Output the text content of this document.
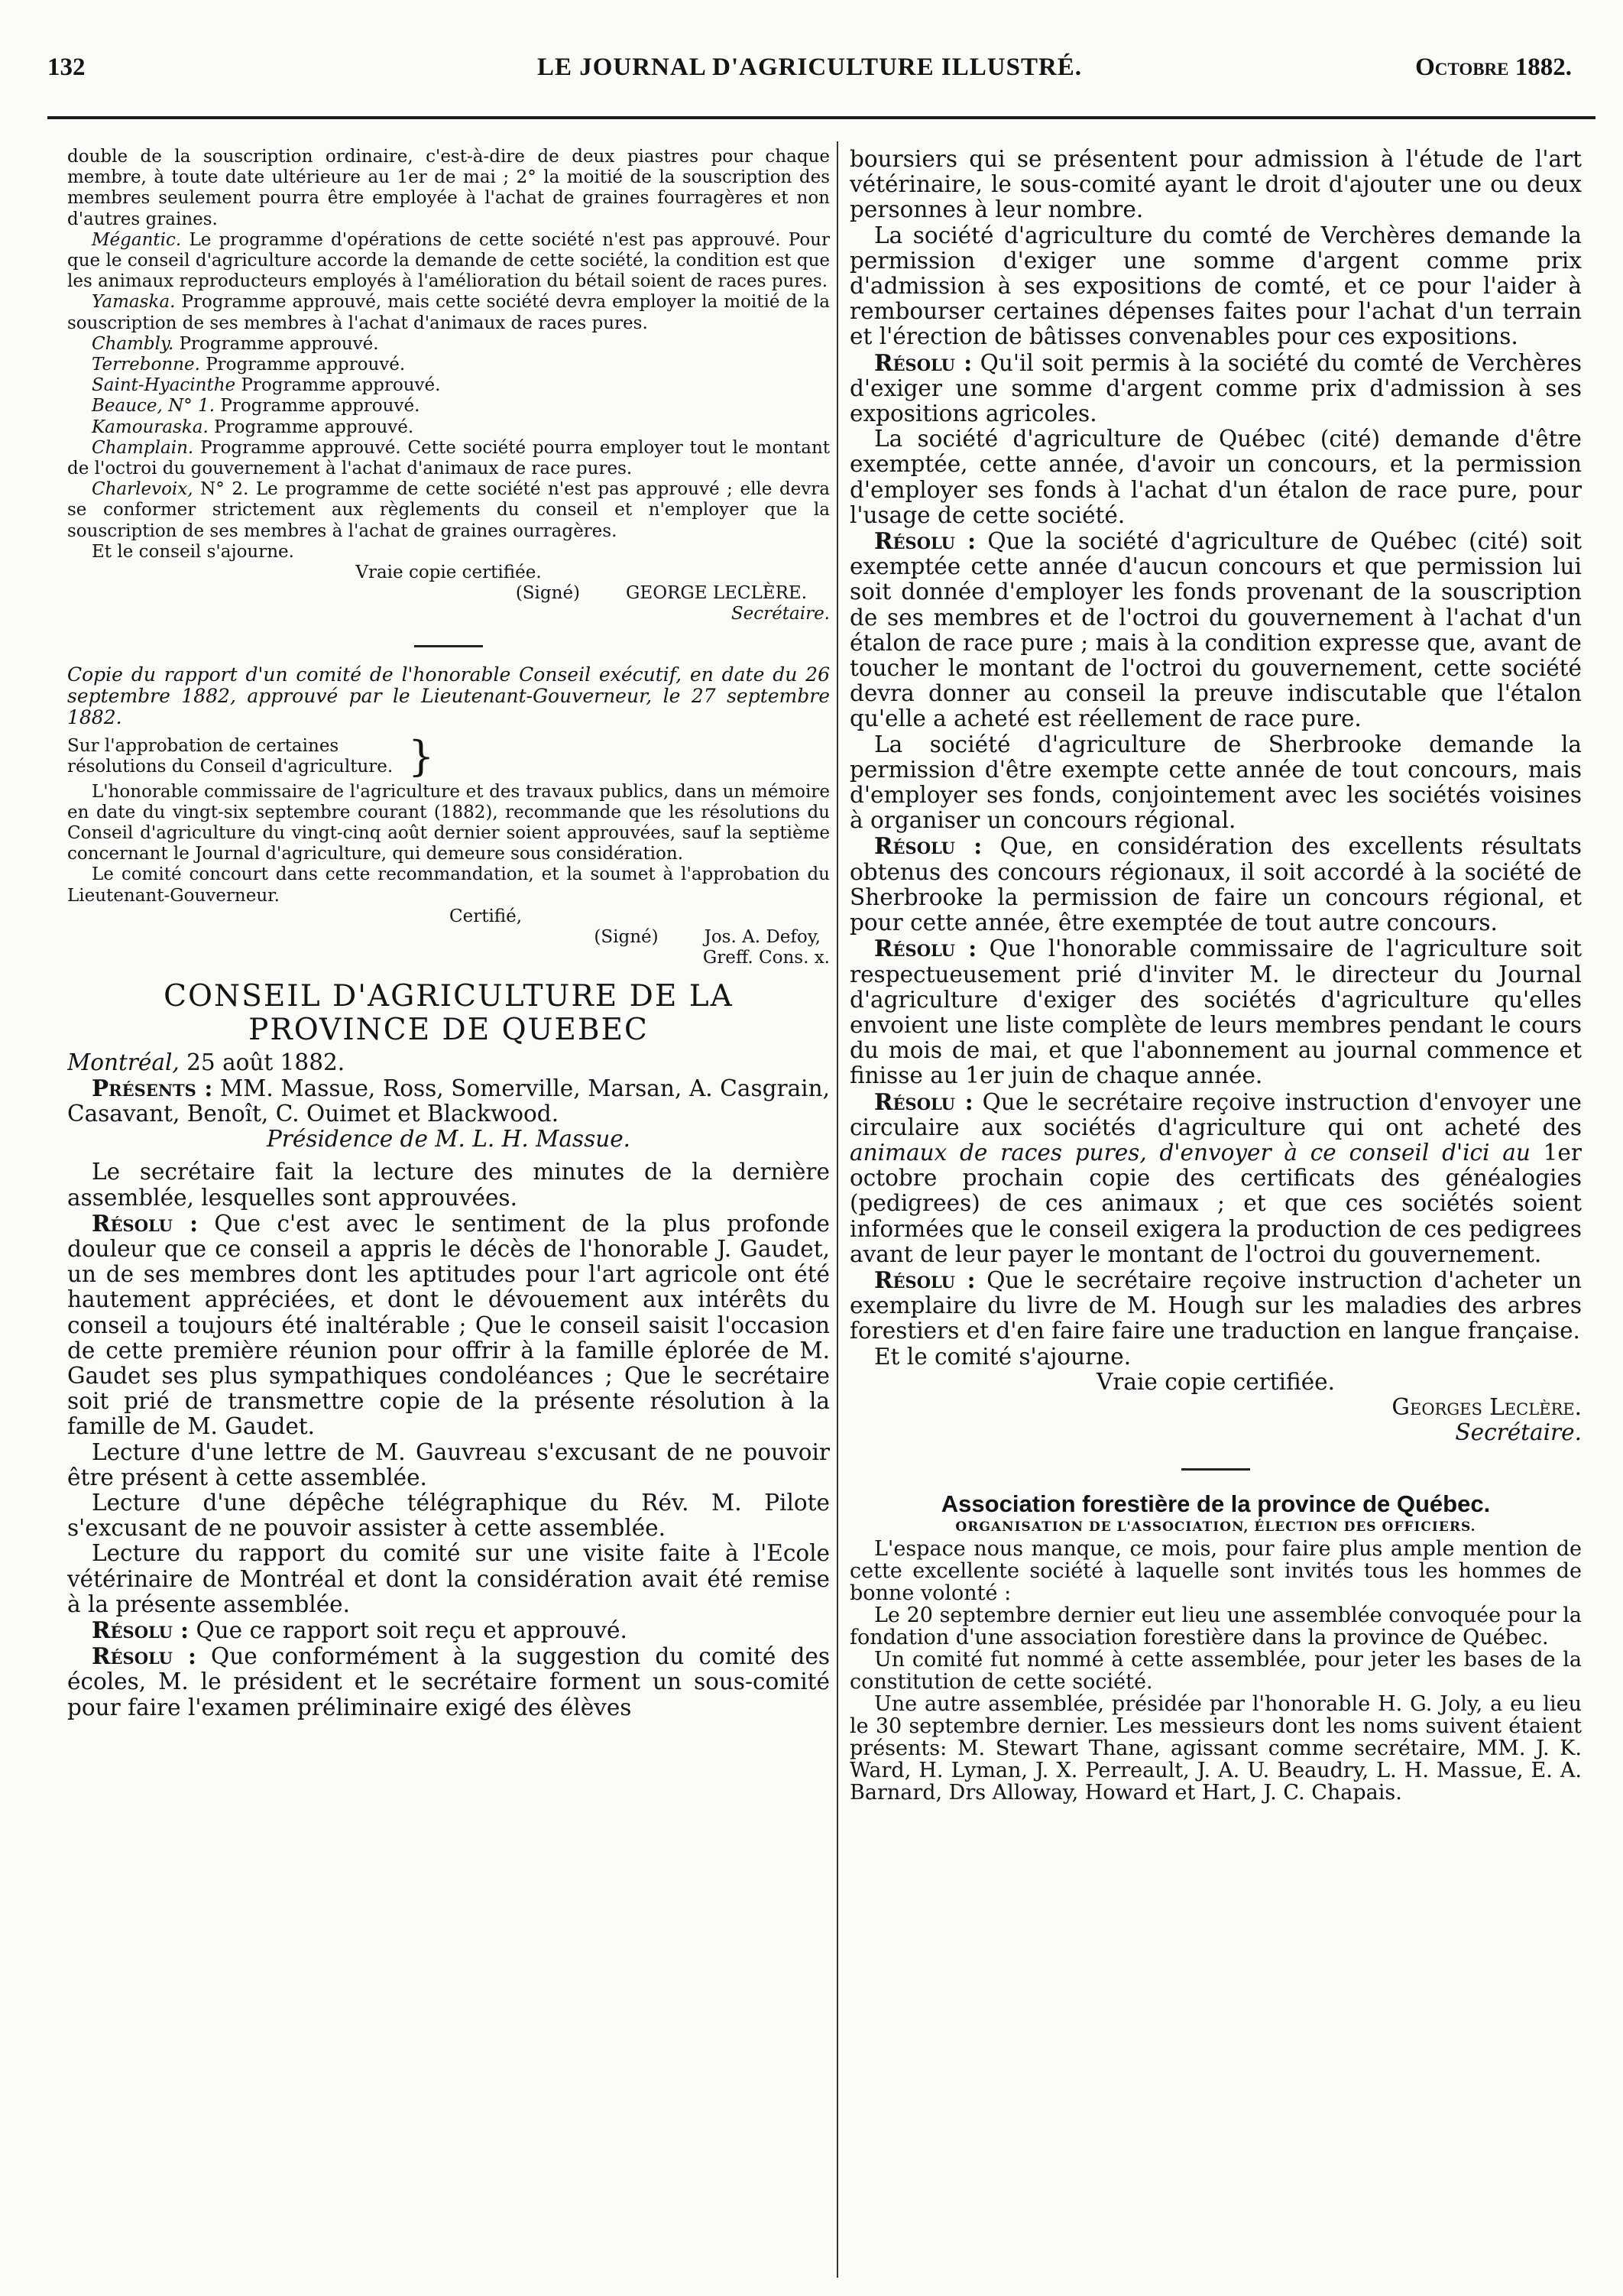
132	LE JOURNAL D'AGRICULTURE ILLUSTRÉ.	Octobre 1882.

double de la souscription ordinaire, c'est-à-dire de deux piastres pour chaque membre, à toute date ultérieure au 1er de mai ; 2° la moitié de la souscription des membres seulement pourra être employée à l'achat de graines fourragères et non d'autres graines.

Mégantic. Le programme d'opérations de cette société n'est pas approuvé. Pour que le conseil d'agriculture accorde la demande de cette société, la condition est que les animaux reproducteurs employés à l'amélioration du bétail soient de races pures.

Yamaska. Programme approuvé, mais cette société devra employer la moitié de la souscription de ses membres à l'achat d'animaux de races pures.

Chambly. Programme approuvé.

Terrebonne. Programme approuvé.

Saint-Hyacinthe Programme approuvé.

Beauce, N° 1. Programme approuvé.

Kamouraska. Programme approuvé.

Champlain. Programme approuvé. Cette société pourra employer tout le montant de l'octroi du gouvernement à l'achat d'animaux de race pures.

Charlevoix, N° 2. Le programme de cette société n'est pas approuvé ; elle devra se conformer strictement aux règlements du conseil et n'employer que la souscription de ses membres à l'achat de graines ourragères.

Et le conseil s'ajourne.

Vraie copie certifiée.

(Signé)	GEORGE LECLÈRE.

Secrétaire.

Copie du rapport d'un comité de l'honorable Conseil exécutif, en date du 26 septembre 1882, approuvé par le Lieutenant-Gouverneur, le 27 septembre 1882.

Sur l'approbation de certaines résolutions du Conseil d'agriculture. }

L'honorable commissaire de l'agriculture et des travaux publics, dans un mémoire en date du vingt-six septembre courant (1882), recommande que les résolutions du Conseil d'agriculture du vingt-cinq août dernier soient approuvées, sauf la septième concernant le Journal d'agriculture, qui demeure sous considération.

Le comité concourt dans cette recommandation, et la soumet à l'approbation du Lieutenant-Gouverneur.

Certifié,

(Signé)	Jos. A. Defoy,

Greff. Cons. x.

CONSEIL D'AGRICULTURE DE LA PROVINCE DE QUEBEC

Montréal, 25 août 1882.

Présents : MM. Massue, Ross, Somerville, Marsan, A. Casgrain, Casavant, Benoît, C. Ouimet et Blackwood.

Présidence de M. L. H. Massue.

Le secrétaire fait la lecture des minutes de la dernière assemblée, lesquelles sont approuvées.

Résolu : Que c'est avec le sentiment de la plus profonde douleur que ce conseil a appris le décès de l'honorable J. Gaudet, un de ses membres dont les aptitudes pour l'art agricole ont été hautement appréciées, et dont le dévouement aux intérêts du conseil a toujours été inaltérable ; Que le conseil saisit l'occasion de cette première réunion pour offrir à la famille éplorée de M. Gaudet ses plus sympathiques condoléances ; Que le secrétaire soit prié de transmettre copie de la présente résolution à la famille de M. Gaudet.

Lecture d'une lettre de M. Gauvreau s'excusant de ne pouvoir être présent à cette assemblée.

Lecture d'une dépêche télégraphique du Rév. M. Pilote s'excusant de ne pouvoir assister à cette assemblée.

Lecture du rapport du comité sur une visite faite à l'Ecole vétérinaire de Montréal et dont la considération avait été remise à la présente assemblée.

Résolu : Que ce rapport soit reçu et approuvé.

Résolu : Que conformément à la suggestion du comité des écoles, M. le président et le secrétaire forment un sous-comité pour faire l'examen préliminaire exigé des élèves

boursiers qui se présentent pour admission à l'étude de l'art vétérinaire, le sous-comité ayant le droit d'ajouter une ou deux personnes à leur nombre.

La société d'agriculture du comté de Verchères demande la permission d'exiger une somme d'argent comme prix d'admission à ses expositions de comté, et ce pour l'aider à rembourser certaines dépenses faites pour l'achat d'un terrain et l'érection de bâtisses convenables pour ces expositions.

Résolu : Qu'il soit permis à la société du comté de Verchères d'exiger une somme d'argent comme prix d'admission à ses expositions agricoles.

La société d'agriculture de Québec (cité) demande d'être exemptée, cette année, d'avoir un concours, et la permission d'employer ses fonds à l'achat d'un étalon de race pure, pour l'usage de cette société.

Résolu : Que la société d'agriculture de Québec (cité) soit exemptée cette année d'aucun concours et que permission lui soit donnée d'employer les fonds provenant de la souscription de ses membres et de l'octroi du gouvernement à l'achat d'un étalon de race pure ; mais à la condition expresse que, avant de toucher le montant de l'octroi du gouvernement, cette société devra donner au conseil la preuve indiscutable que l'étalon qu'elle a acheté est réellement de race pure.

La société d'agriculture de Sherbrooke demande la permission d'être exempte cette année de tout concours, mais d'employer ses fonds, conjointement avec les sociétés voisines à organiser un concours régional.

Résolu : Que, en considération des excellents résultats obtenus des concours régionaux, il soit accordé à la société de Sherbrooke la permission de faire un concours régional, et pour cette année, être exemptée de tout autre concours.

Résolu : Que l'honorable commissaire de l'agriculture soit respectueusement prié d'inviter M. le directeur du Journal d'agriculture d'exiger des sociétés d'agriculture qu'elles envoient une liste complète de leurs membres pendant le cours du mois de mai, et que l'abonnement au journal commence et finisse au 1er juin de chaque année.

Résolu : Que le secrétaire reçoive instruction d'envoyer une circulaire aux sociétés d'agriculture qui ont acheté des animaux de races pures, d'envoyer à ce conseil d'ici au 1er octobre prochain copie des certificats des généalogies (pedigrees) de ces animaux ; et que ces sociétés soient informées que le conseil exigera la production de ces pedigrees avant de leur payer le montant de l'octroi du gouvernement.

Résolu : Que le secrétaire reçoive instruction d'acheter un exemplaire du livre de M. Hough sur les maladies des arbres forestiers et d'en faire faire une traduction en langue française.

Et le comité s'ajourne.

Vraie copie certifiée.

Georges Leclère.

Secrétaire.

Association forestière de la province de Québec.
ORGANISATION DE L'ASSOCIATION, ÉLECTION DES OFFICIERS.

L'espace nous manque, ce mois, pour faire plus ample mention de cette excellente société à laquelle sont invités tous les hommes de bonne volonté :

Le 20 septembre dernier eut lieu une assemblée convoquée pour la fondation d'une association forestière dans la province de Québec.

Un comité fut nommé à cette assemblée, pour jeter les bases de la constitution de cette société.

Une autre assemblée, présidée par l'honorable H. G. Joly, a eu lieu le 30 septembre dernier. Les messieurs dont les noms suivent étaient présents: M. Stewart Thane, agissant comme secrétaire, MM. J. K. Ward, H. Lyman, J. X. Perreault, J. A. U. Beaudry, L. H. Massue, E. A. Barnard, Drs Alloway, Howard et Hart, J. C. Chapais.
